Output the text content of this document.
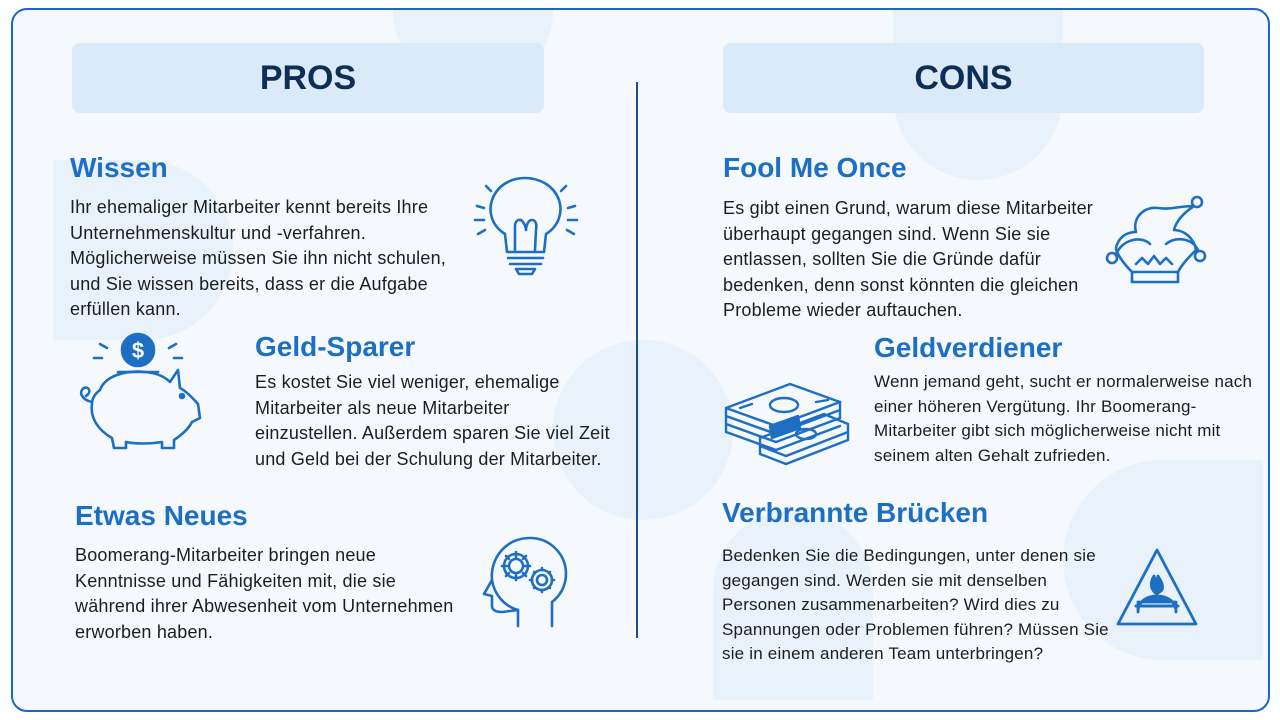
PROS	CONS
Wissen
Ihr ehemaliger Mitarbeiter kennt bereits Ihre Unternehmenskultur und -verfahren. Möglicherweise müssen Sie ihn nicht schulen, und Sie wissen bereits, dass er die Aufgabe erfüllen kann.
$	Geld-Sparer
Es kostet Sie viel weniger, ehemalige Mitarbeiter als neue Mitarbeiter einzustellen. Außerdem sparen Sie viel Zeit und Geld bei der Schulung der Mitarbeiter.
Etwas Neues
Boomerang-Mitarbeiter bringen neue Kenntnisse und Fähigkeiten mit, die sie während ihrer Abwesenheit vom Unternehmen erworben haben.
Fool Me Once
Es gibt einen Grund, warum diese Mitarbeiter überhaupt gegangen sind. Wenn Sie sie entlassen, sollten Sie die Gründe dafür bedenken, denn sonst könnten die gleichen Probleme wieder auftauchen.
Geldverdiener
Wenn jemand geht, sucht er normalerweise nach einer höheren Vergütung. Ihr Boomerang-Mitarbeiter gibt sich möglicherweise nicht mit seinem alten Gehalt zufrieden.
Verbrannte Brücken
Bedenken Sie die Bedingungen, unter denen sie gegangen sind. Werden sie mit denselben Personen zusammenarbeiten? Wird dies zu Spannungen oder Problemen führen? Müssen Sie sie in einem anderen Team unterbringen?
